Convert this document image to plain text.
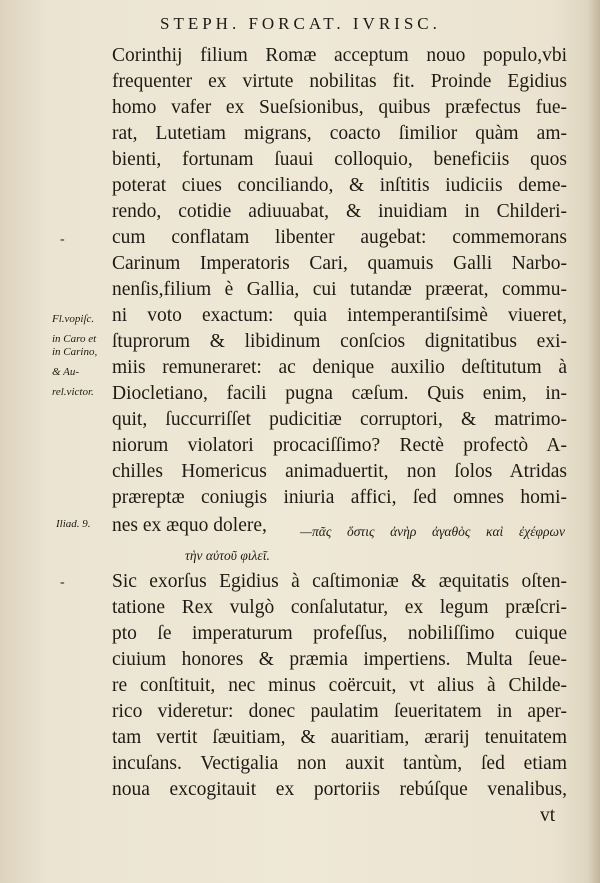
STEPH. FORCAT. IVRISC.
Corinthij filium Romæ acceptum nouo populo,vbi
frequenter ex virtute nobilitas fit. Proinde Egidius
homo vafer ex Sueſsionibus, quibus præfectus fue-
rat, Lutetiam migrans, coacto ſimilior quàm am-
bienti, fortunam ſuaui colloquio, beneficiis quos
poterat ciues conciliando, & inſtitis iudiciis deme-
rendo, cotidie adiuuabat, & inuidiam in Childeri-
cum conflatam libenter augebat: commemorans
Carinum Imperatoris Cari, quamuis Galli Narbo-
nenſis,filium è Gallia, cui tutandæ præerat, commu-
ni voto exactum: quia intemperantiſsimè viueret,
ſtuprorum & libidinum conſcios dignitatibus exi-
miis remuneraret: ac denique auxilio deſtitutum à
Diocletiano, facili pugna cæſum. Quis enim, in-
quit, ſuccurriſſet pudicitiæ corruptori, & matrimo-
niorum violatori procaciſſimo? Rectè profectò A-
chilles Homericus animaduertit, non ſolos Atridas
præreptæ coniugis iniuria affici, ſed omnes homi-
nes ex æquo dolere,	—πᾶς ὅστις ἀνὴρ ἀγαθὸς καὶ ἐχέφρων
τὴν αὐτοῦ φιλεῖ.
Sic exorſus Egidius à caſtimoniæ & æquitatis oſten-
tatione Rex vulgò conſalutatur, ex legum præſcri-
pto ſe imperaturum profeſſus, nobiliſſimo cuique
ciuium honores & præmia impertiens. Multa ſeue-
re conſtituit, nec minus coërcuit, vt alius à Childe-
rico videretur: donec paulatim ſeueritatem in aper-
tam vertit ſæuitiam, & auaritiam, ærarij tenuitatem
incuſans. Vectigalia non auxit tantùm, ſed etiam
noua excogitauit ex portoriis rebúſque venalibus,
vt
Fl.vopiſc.
in Caro et
in Carino,
& Au-
rel.victor.
Iliad. 9.
-
-
